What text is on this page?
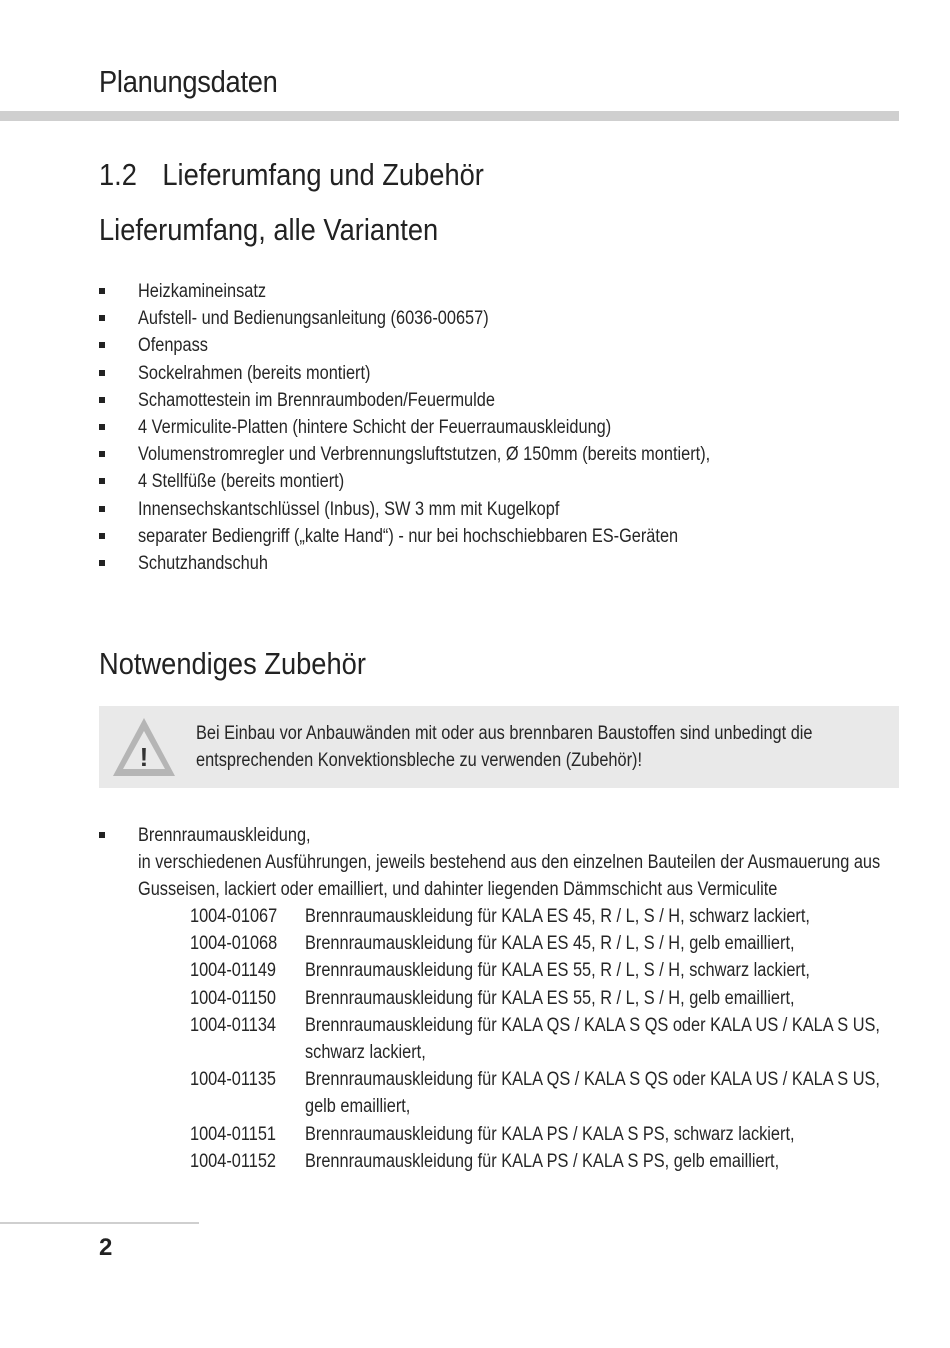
Planungsdaten
1.2 Lieferumfang und Zubehör
Lieferumfang, alle Varianten
Heizkamineinsatz
Aufstell- und Bedienungsanleitung (6036-00657)
Ofenpass
Sockelrahmen (bereits montiert)
Schamottestein im Brennraumboden/Feuermulde
4 Vermiculite-Platten (hintere Schicht der Feuerraumauskleidung)
Volumenstromregler und Verbrennungsluftstutzen, Ø 150mm (bereits montiert),
4 Stellfüße (bereits montiert)
Innensechskantschlüssel (Inbus), SW 3 mm mit Kugelkopf
separater Bediengriff („kalte Hand“) - nur bei hochschiebbaren ES-Geräten
Schutzhandschuh
Notwendiges Zubehör
!
Bei Einbau vor Anbauwänden mit oder aus brennbaren Baustoffen sind unbedingt die
entsprechenden Konvektionsbleche zu verwenden (Zubehör)!
Brennraumauskleidung,
in verschiedenen Ausführungen, jeweils bestehend aus den einzelnen Bauteilen der Ausmauerung aus
Gusseisen, lackiert oder emailliert, und dahinter liegenden Dämmschicht aus Vermiculite
1004-01067 Brennraumauskleidung für KALA ES 45, R / L, S / H, schwarz lackiert,
1004-01068 Brennraumauskleidung für KALA ES 45, R / L, S / H, gelb emailliert,
1004-01149 Brennraumauskleidung für KALA ES 55, R / L, S / H, schwarz lackiert,
1004-01150 Brennraumauskleidung für KALA ES 55, R / L, S / H, gelb emailliert,
1004-01134 Brennraumauskleidung für KALA QS / KALA S QS oder KALA US / KALA S US,
schwarz lackiert,
1004-01135 Brennraumauskleidung für KALA QS / KALA S QS oder KALA US / KALA S US,
gelb emailliert,
1004-01151 Brennraumauskleidung für KALA PS / KALA S PS, schwarz lackiert,
1004-01152 Brennraumauskleidung für KALA PS / KALA S PS, gelb emailliert,
2
